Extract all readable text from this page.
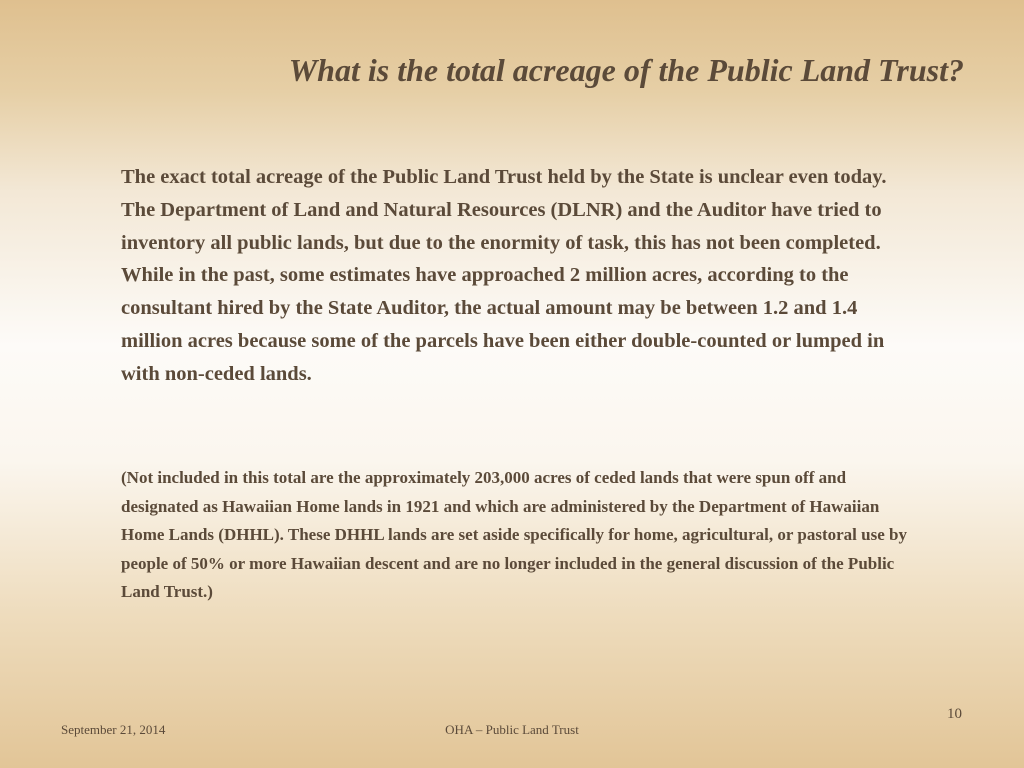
What is the total acreage of the Public Land Trust?

The exact total acreage of the Public Land Trust held by the State is unclear even today. The Department of Land and Natural Resources (DLNR) and the Auditor have tried to inventory all public lands, but due to the enormity of task, this has not been completed. While in the past, some estimates have approached 2 million acres, according to the consultant hired by the State Auditor, the actual amount may be between 1.2 and 1.4 million acres because some of the parcels have been either double-counted or lumped in with non-ceded lands.

(Not included in this total are the approximately 203,000 acres of ceded lands that were spun off and designated as Hawaiian Home lands in 1921 and which are administered by the Department of Hawaiian Home Lands (DHHL). These DHHL lands are set aside specifically for home, agricultural, or pastoral use by people of 50% or more Hawaiian descent and are no longer included in the general discussion of the Public Land Trust.)

September 21, 2014	OHA – Public Land Trust

10
